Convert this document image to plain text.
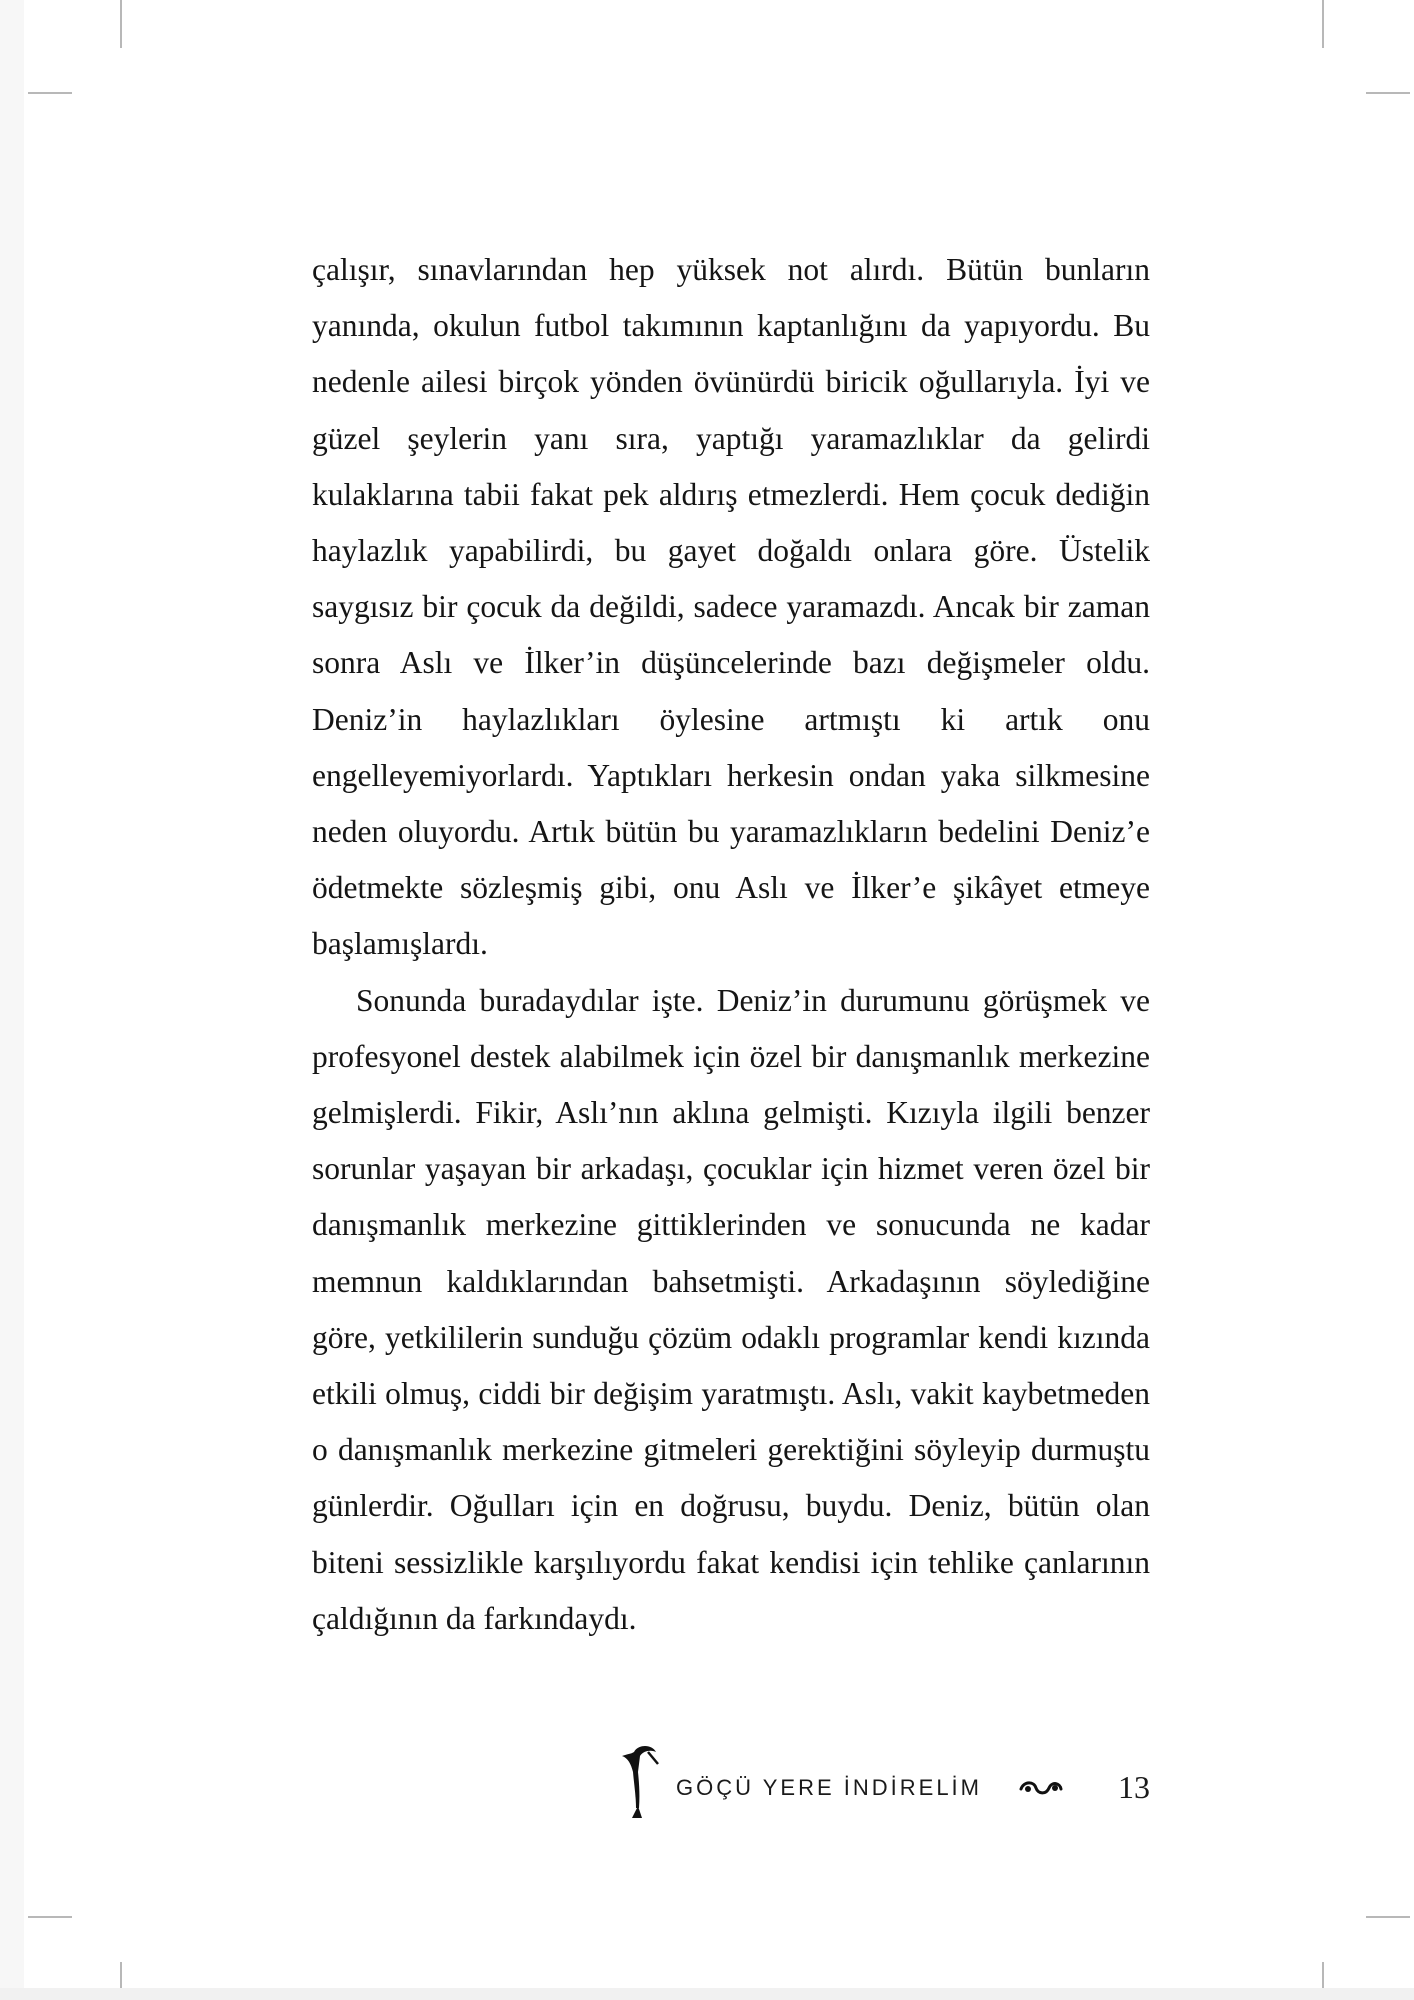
çalışır, sınavlarından hep yüksek not alırdı. Bütün bunların yanında, okulun futbol takımının kaptanlığını da yapıyordu. Bu nedenle ailesi birçok yönden övünürdü biricik oğullarıyla. İyi ve güzel şeylerin yanı sıra, yaptığı yaramazlıklar da gelirdi kulaklarına tabii fakat pek aldırış etmezlerdi. Hem çocuk dediğin haylazlık yapabilirdi, bu gayet doğaldı onlara göre. Üstelik saygısız bir çocuk da değildi, sadece yaramazdı. Ancak bir zaman sonra Aslı ve İlker’in düşüncelerinde bazı değişmeler oldu. Deniz’in haylazlıkları öylesine artmıştı ki artık onu engelleyemiyorlardı. Yaptıkları herkesin ondan yaka silkmesine neden oluyordu. Artık bütün bu yaramazlıkların bedelini Deniz’e ödetmekte sözleşmiş gibi, onu Aslı ve İlker’e şikâyet etmeye başlamışlardı.

Sonunda buradaydılar işte. Deniz’in durumunu görüşmek ve profesyonel destek alabilmek için özel bir danışmanlık merkezine gelmişlerdi. Fikir, Aslı’nın aklına gelmişti. Kızıyla ilgili benzer sorunlar yaşayan bir arkadaşı, çocuklar için hizmet veren özel bir danışmanlık merkezine gittiklerinden ve sonucunda ne kadar memnun kaldıklarından bahsetmişti. Arkadaşının söylediğine göre, yetkililerin sunduğu çözüm odaklı programlar kendi kızında etkili olmuş, ciddi bir değişim yaratmıştı. Aslı, vakit kaybetmeden o danışmanlık merkezine gitmeleri gerektiğini söyleyip durmuştu günlerdir. Oğulları için en doğrusu, buydu. Deniz, bütün olan biteni sessizlikle karşılıyordu fakat kendisi için tehlike çanlarının çaldığının da farkındaydı.

GÖÇÜ YERE İNDİRELİM	13
